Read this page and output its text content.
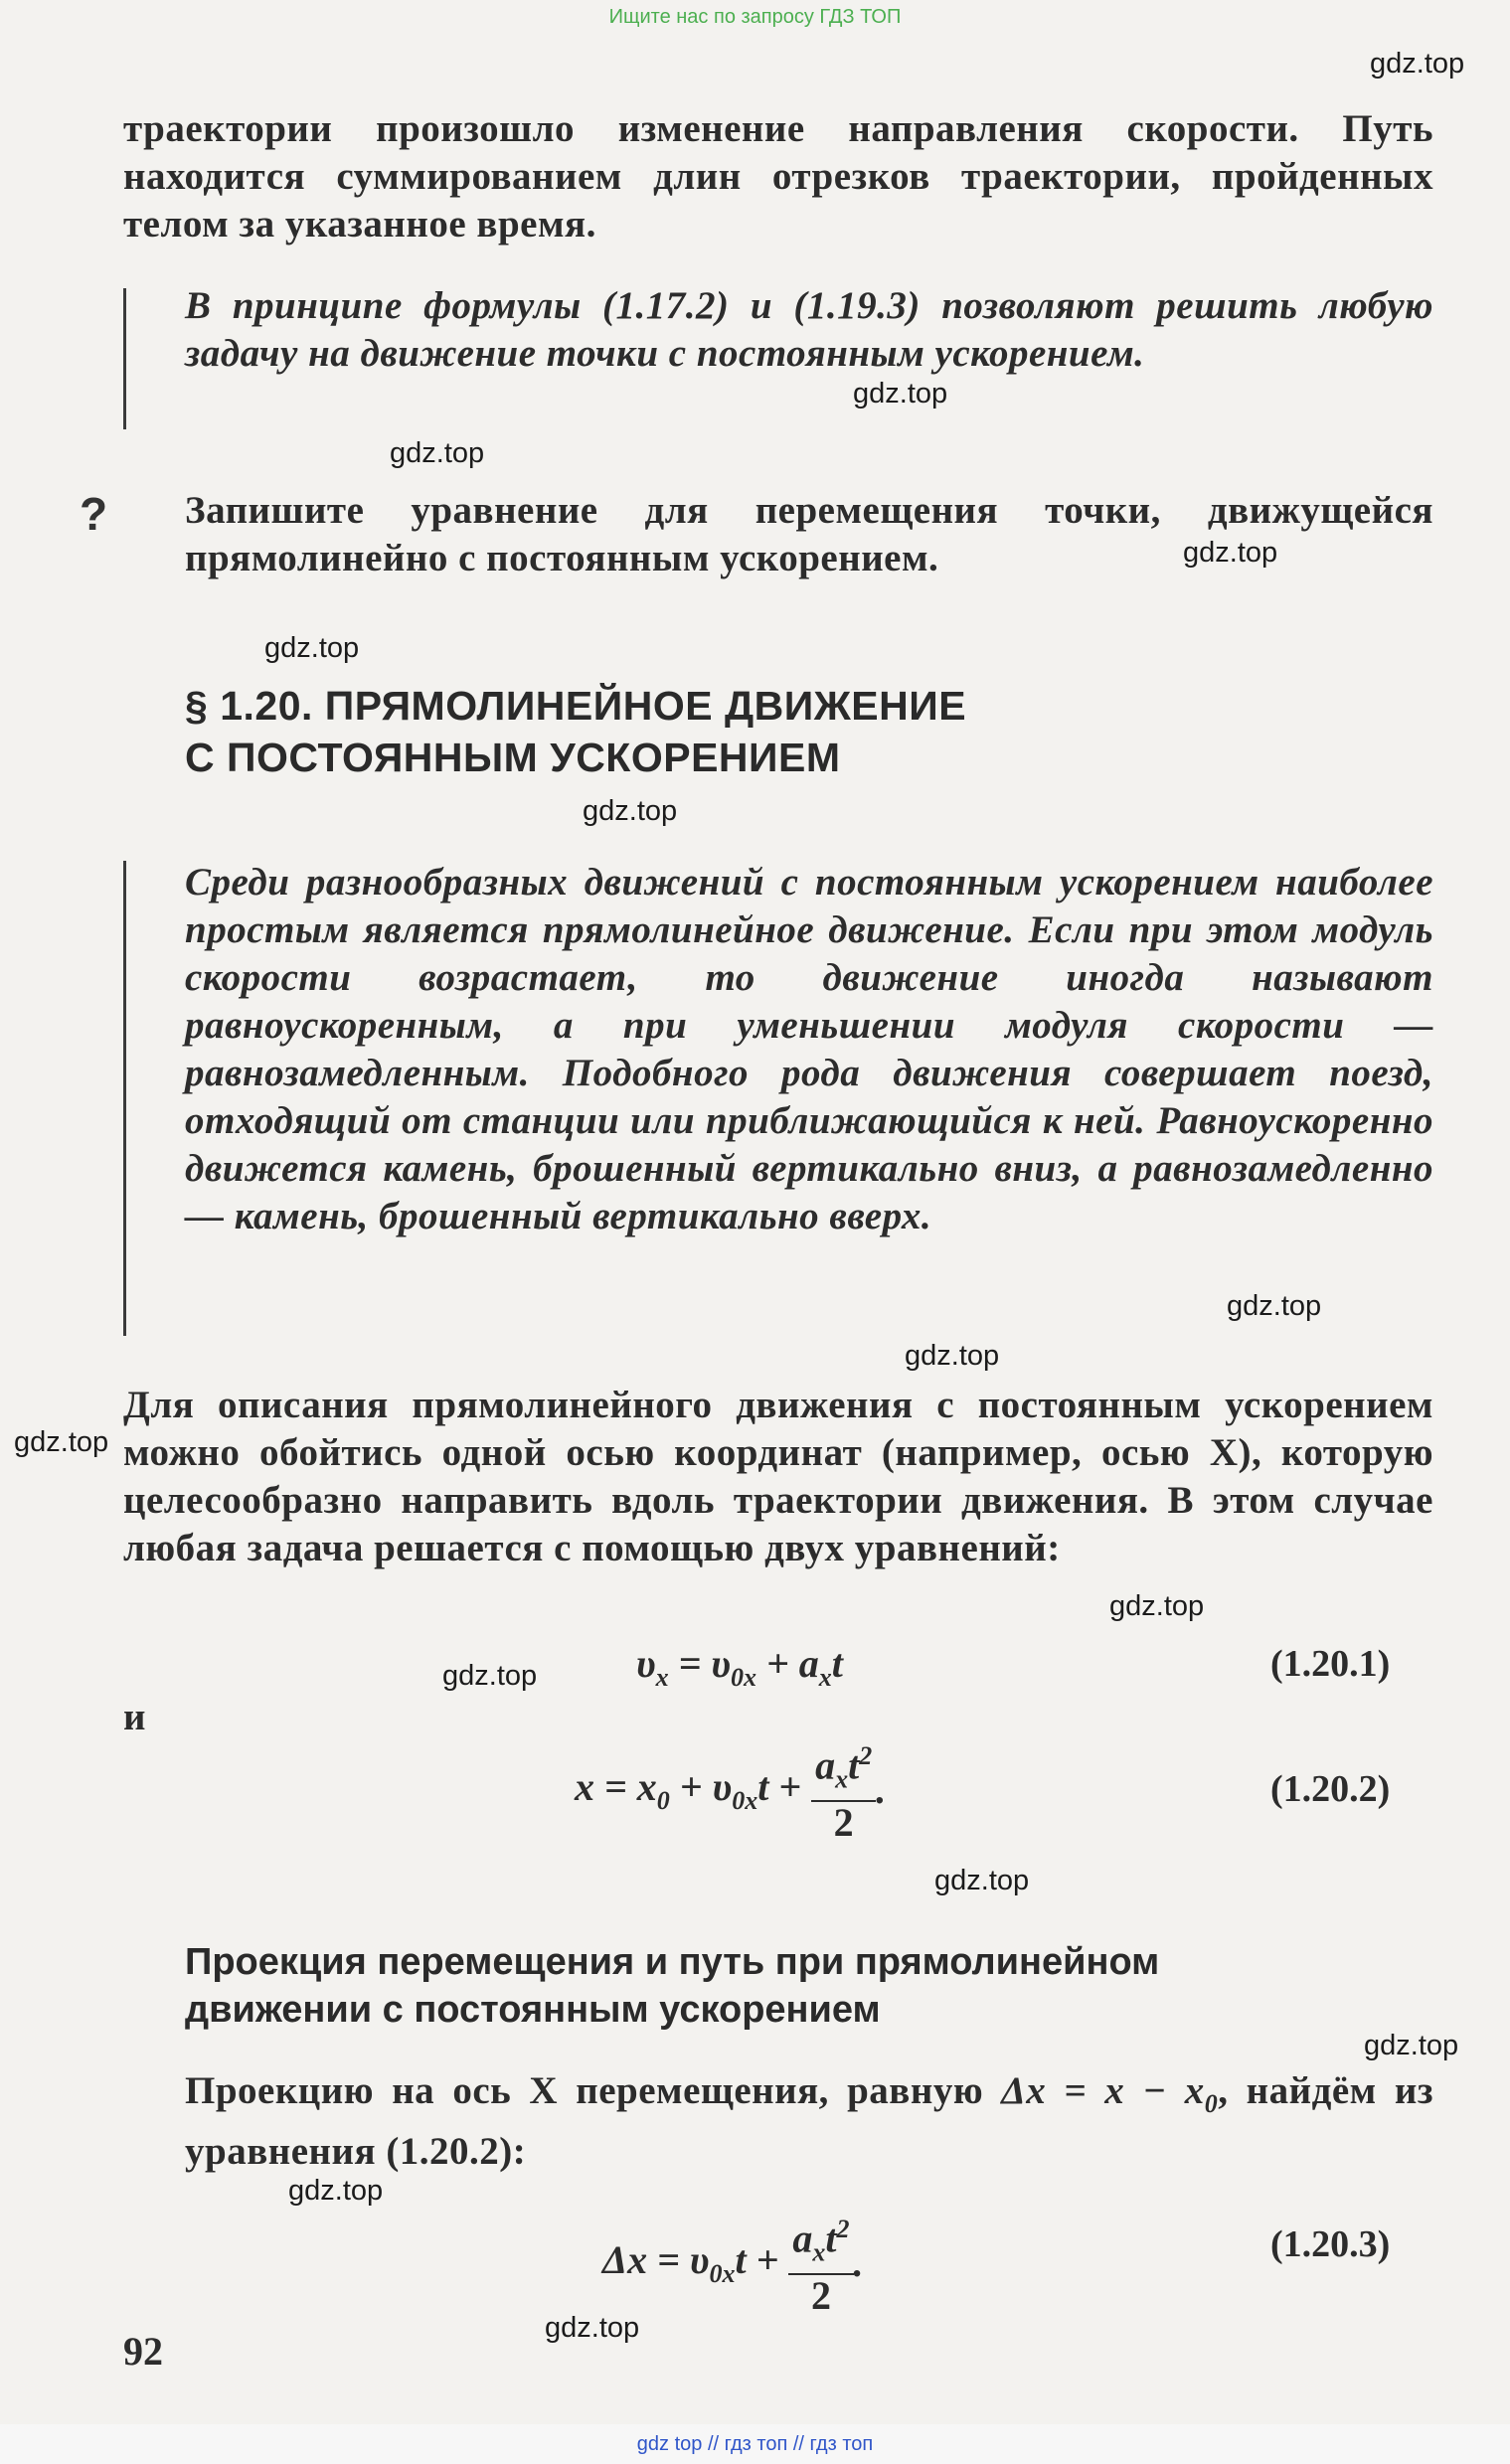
Ищите нас по запросу ГДЗ ТОП
gdz.top
gdz.top
gdz.top
gdz.top
gdz.top
gdz.top
gdz.top
gdz.top
gdz.top
gdz.top
gdz.top
gdz.top
gdz.top
gdz.top
gdz.top
траектории произошло изменение направления скорости. Путь находится суммированием длин отрезков траектории, пройденных телом за указанное время.
В принципе формулы (1.17.2) и (1.19.3) позволяют решить любую задачу на движение точки с постоянным ускорением.
? Запишите уравнение для перемещения точки, движущейся прямолинейно с постоянным ускорением.
§ 1.20. ПРЯМОЛИНЕЙНОЕ ДВИЖЕНИЕ
С ПОСТОЯННЫМ УСКОРЕНИЕМ
Среди разнообразных движений с постоянным ускорением наиболее простым является прямолинейное движение. Если при этом модуль скорости возрастает, то движение иногда называют равноускоренным, а при уменьшении модуля скорости — равнозамедленным. Подобного рода движения совершает поезд, отходящий от станции или приближающийся к ней. Равноускоренно движется камень, брошенный вертикально вниз, а равнозамедленно — камень, брошенный вертикально вверх.
Для описания прямолинейного движения с постоянным ускорением можно обойтись одной осью координат (например, осью X), которую целесообразно направить вдоль траектории движения. В этом случае любая задача решается с помощью двух уравнений:
$\upsilon_x = \upsilon_{0x} + a_xt$	(1.20.1)
и
$x = x_0 + \upsilon_{0x}t + \frac{a_xt^2}{2}$ .	(1.20.2)
Проекция перемещения и путь при прямолинейном
движении с постоянным ускорением
Проекцию на ось X перемещения, равную $\Delta x = x - x_0$, найдём из уравнения (1.20.2):
$\Delta x = \upsilon_{0x}t + \frac{a_xt^2}{2}$ .	(1.20.3)
92
gdz top // гдз топ // гдз топ
